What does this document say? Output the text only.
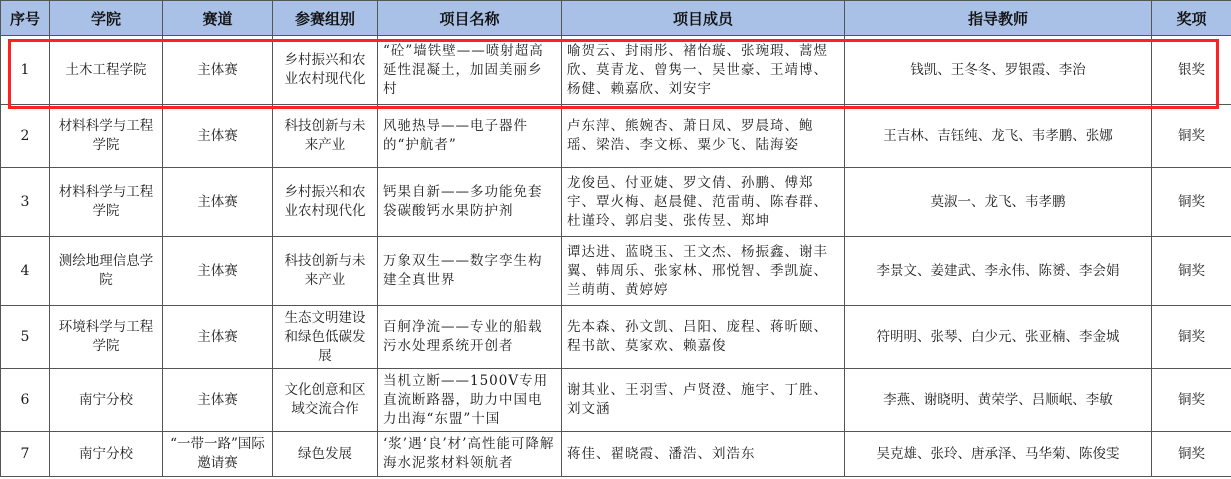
序号	学院	赛道	参赛组别	项目名称	项目成员	指导教师	奖项
1	土木工程学院	主体赛	乡村振兴和农业农村现代化	“砼”墙铁壁——喷射超高延性混凝土，加固美丽乡村	喻贺云、封雨彤、褚怡璇、张琬瑕、蒿煜欣、莫青龙、曾隽一、吴世豪、王靖博、杨健、赖嘉欣、刘安宇	钱凯、王冬冬、罗银霞、李治	银奖
2	材料科学与工程学院	主体赛	科技创新与未来产业	风驰热导——电子器件的“护航者”	卢东萍、熊婉杏、萧日凤、罗晨琦、鲍瑶、梁浩、李文栎、粟少飞、陆海姿	王吉林、吉钰纯、龙飞、韦孝鹏、张娜	铜奖
3	材料科学与工程学院	主体赛	乡村振兴和农业农村现代化	钙果自新——多功能免套袋碳酸钙水果防护剂	龙俊邑、付亚婕、罗文倩、孙鹏、傅郑宇、覃火梅、赵晨健、范雷萌、陈春群、杜谨玲、郭启斐、张传昱、郑坤	莫淑一、龙飞、韦孝鹏	铜奖
4	测绘地理信息学院	主体赛	科技创新与未来产业	万象双生——数字孪生构建全真世界	谭达进、蓝晓玉、王文杰、杨振鑫、谢丰翼、韩周乐、张家林、邢悦智、季凯旋、兰萌萌、黄婷婷	李景文、姜建武、李永伟、陈赟、李会娟	铜奖
5	环境科学与工程学院	主体赛	生态文明建设和绿色低碳发展	百舸净流——专业的船载污水处理系统开创者	先本森、孙文凯、吕阳、庞程、蒋昕颐、程书歆、莫家欢、赖嘉俊	符明明、张琴、白少元、张亚楠、李金城	铜奖
6	南宁分校	主体赛	文化创意和区域交流合作	当机立断——1500V专用直流断路器，助力中国电力出海“东盟”十国	谢其业、王羽雪、卢贤澄、施宇、丁胜、刘文涵	李燕、谢晓明、黄荣学、吕顺岷、李敏	铜奖
7	南宁分校	“一带一路”国际邀请赛	绿色发展	‘浆’遇‘良’材’高性能可降解海水泥浆材料领航者	蒋佳、翟晓霞、潘浩、刘浩东	吴克雄、张玲、唐承泽、马华菊、陈俊雯	铜奖
